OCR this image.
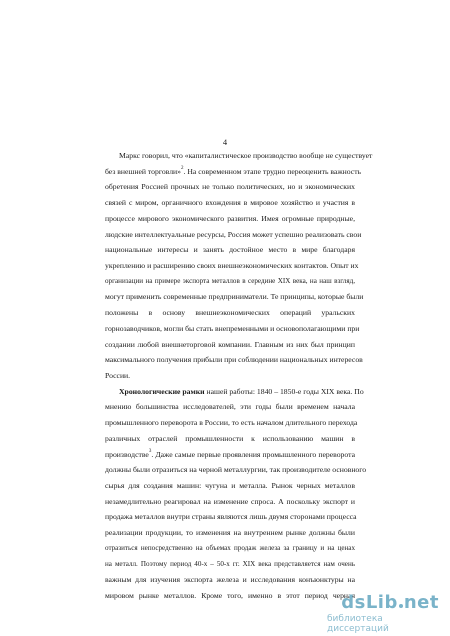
4
Маркс говорил, что «капиталистическое производство вообще не существует
без внешней торговли»$^2$. На современном этапе трудно переоценить важность
обретения Россией прочных не только политических, но и экономических
связей с миром, органичного вхождения в мировое хозяйство и участия в
процессе мирового экономического развития. Имея огромные природные,
людские интеллектуальные ресурсы, Россия может успешно реализовать свои
национальные интересы и занять достойное место в мире благодаря
укреплению и расширению своих внешнеэкономических контактов. Опыт их
организации на примере экспорта металлов в середине XIX века, на наш взгляд,
могут применить современные предприниматели. Те принципы, которые были
положены в основу внешнеэкономических операций уральских
горнозаводчиков, могли бы стать внепременными и основополагающими при
создании любой внешнеторговой компании. Главным из них был принцип
максимального получения прибыли при соблюдении национальных интересов
России.
Хронологические рамки нашей работы: 1840 – 1850-е годы XIX века. По
мнению большинства исследователей, эти годы были временем начала
промышленного переворота в России, то есть началом длительного перехода
различных отраслей промышленности к использованию машин в
производстве$^3$. Даже самые первые проявления промышленного переворота
должны были отразиться на черной металлургии, так производителе основного
сырья для создания машин: чугуна и металла. Рынок черных металлов
незамедлительно реагировал на изменение спроса. А поскольку экспорт и
продажа металлов внутри страны являются лишь двумя сторонами процесса
реализации продукции, то изменения на внутреннем рынке должны были
отразиться непосредственно на объемах продаж железа за границу и на ценах
на металл. Поэтому период 40-х – 50-х гг. XIX века представляется нам очень
важным для изучения экспорта железа и исследования конъюнктуры на
мировом рынке металлов. Кроме того, именно в этот период черная
dsLib net
библиотека диссертаций
